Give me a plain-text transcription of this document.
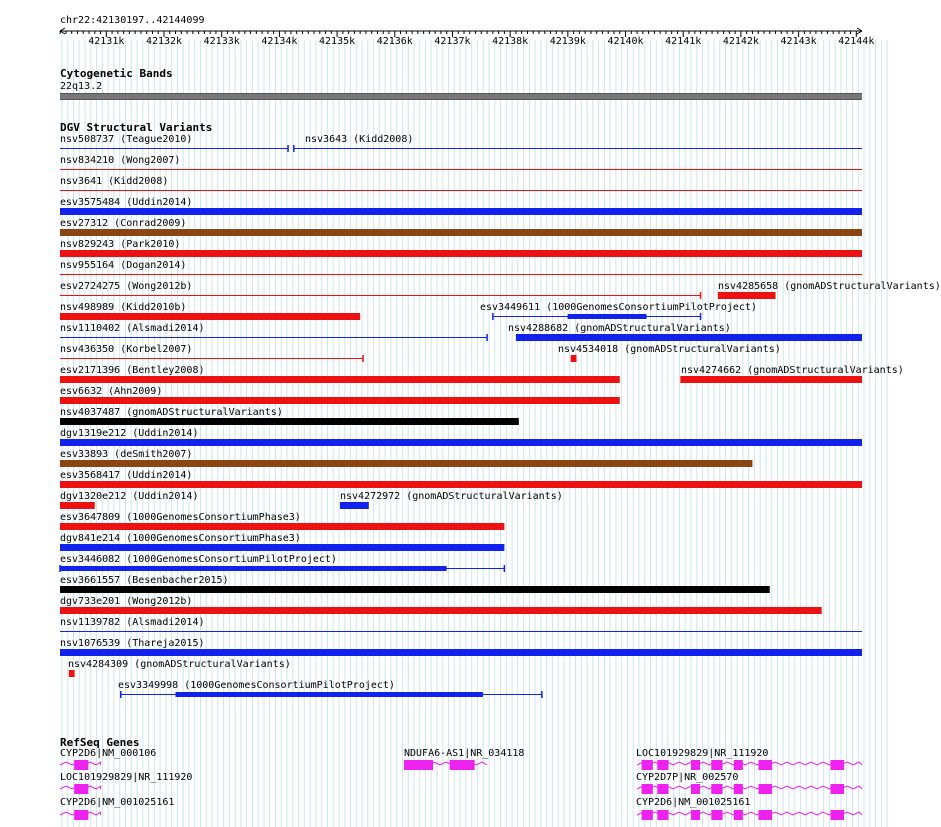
chr22:42130197..42144099
42131k 42132k 42133k 42134k 42135k 42136k 42137k 42138k 42139k 42140k 42141k 42142k 42143k 42144k
Cytogenetic Bands
22q13.2
DGV Structural Variants
nsv508737 (Teague2010)	nsv3643 (Kidd2008)
nsv834210 (Wong2007)
nsv3641 (Kidd2008)
esv3575484 (Uddin2014)
esv27312 (Conrad2009)
nsv829243 (Park2010)
nsv955164 (Dogan2014)
esv2724275 (Wong2012b)	nsv4285658 (gnomADStructuralVariants)
nsv498989 (Kidd2010b)	esv3449611 (1000GenomesConsortiumPilotProject)
nsv1110402 (Alsmadi2014)	nsv4288682 (gnomADStructuralVariants)
nsv436350 (Korbel2007)	nsv4534018 (gnomADStructuralVariants)
esv2171396 (Bentley2008)	nsv4274662 (gnomADStructuralVariants)
esv6632 (Ahn2009)
nsv4037487 (gnomADStructuralVariants)
dgv1319e212 (Uddin2014)
esv33893 (deSmith2007)
esv3568417 (Uddin2014)
dgv1320e212 (Uddin2014)	nsv4272972 (gnomADStructuralVariants)
esv3647809 (1000GenomesConsortiumPhase3)
dgv841e214 (1000GenomesConsortiumPhase3)
esv3446082 (1000GenomesConsortiumPilotProject)
esv3661557 (Besenbacher2015)
dgv733e201 (Wong2012b)
nsv1139782 (Alsmadi2014)
nsv1076539 (Thareja2015)
nsv4284309 (gnomADStructuralVariants)
esv3349998 (1000GenomesConsortiumPilotProject)
RefSeq Genes
CYP2D6|NM_000106	NDUFA6-AS1|NR_034118	LOC101929829|NR_111920
LOC101929829|NR_111920	CYP2D7P|NR_002570
CYP2D6|NM_001025161	CYP2D6|NM_001025161
